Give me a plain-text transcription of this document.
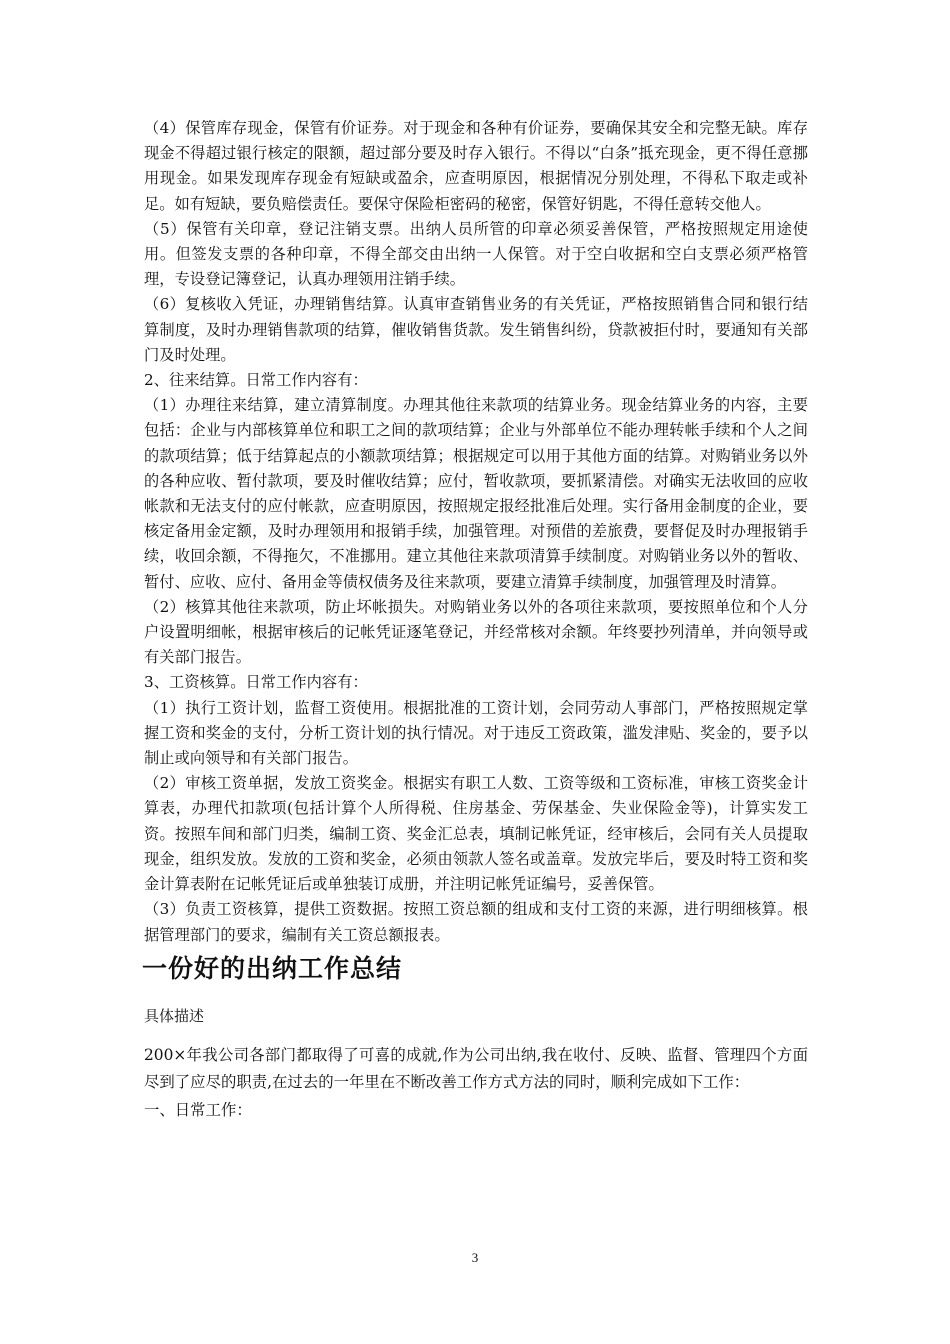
（4）保管库存现金，保管有价证券。对于现金和各种有价证券，要确保其安全和完整无缺。库存现金不得超过银行核定的限额，超过部分要及时存入银行。不得以“白条”抵充现金，更不得任意挪用现金。如果发现库存现金有短缺或盈余，应查明原因，根据情况分别处理，不得私下取走或补足。如有短缺，要负赔偿责任。要保守保险柜密码的秘密，保管好钥匙，不得任意转交他人。

（5）保管有关印章，登记注销支票。出纳人员所管的印章必须妥善保管，严格按照规定用途使用。但签发支票的各种印章，不得全部交由出纳一人保管。对于空白收据和空白支票必须严格管理，专设登记簿登记，认真办理领用注销手续。

（6）复核收入凭证，办理销售结算。认真审查销售业务的有关凭证，严格按照销售合同和银行结算制度，及时办理销售款项的结算，催收销售货款。发生销售纠纷，贷款被拒付时，要通知有关部门及时处理。

2、往来结算。日常工作内容有：

（1）办理往来结算，建立清算制度。办理其他往来款项的结算业务。现金结算业务的内容，主要包括：企业与内部核算单位和职工之间的款项结算；企业与外部单位不能办理转帐手续和个人之间的款项结算；低于结算起点的小额款项结算；根据规定可以用于其他方面的结算。对购销业务以外的各种应收、暂付款项，要及时催收结算；应付，暂收款项，要抓紧清偿。对确实无法收回的应收帐款和无法支付的应付帐款，应查明原因，按照规定报经批准后处理。实行备用金制度的企业，要核定备用金定额，及时办理领用和报销手续，加强管理。对预借的差旅费，要督促及时办理报销手续，收回余额，不得拖欠，不准挪用。建立其他往来款项清算手续制度。对购销业务以外的暂收、暂付、应收、应付、备用金等债权债务及往来款项，要建立清算手续制度，加强管理及时清算。

（2）核算其他往来款项，防止坏帐损失。对购销业务以外的各项往来款项，要按照单位和个人分户设置明细帐，根据审核后的记帐凭证逐笔登记，并经常核对余额。年终要抄列清单，并向领导或有关部门报告。

3、工资核算。日常工作内容有：

（1）执行工资计划，监督工资使用。根据批准的工资计划，会同劳动人事部门，严格按照规定掌握工资和奖金的支付，分析工资计划的执行情况。对于违反工资政策，滥发津贴、奖金的，要予以制止或向领导和有关部门报告。

（2）审核工资单据，发放工资奖金。根据实有职工人数、工资等级和工资标准，审核工资奖金计算表，办理代扣款项(包括计算个人所得税、住房基金、劳保基金、失业保险金等)，计算实发工资。按照车间和部门归类，编制工资、奖金汇总表，填制记帐凭证，经审核后，会同有关人员提取现金，组织发放。发放的工资和奖金，必须由领款人签名或盖章。发放完毕后，要及时特工资和奖金计算表附在记帐凭证后或单独装订成册，并注明记帐凭证编号，妥善保管。

（3）负责工资核算，提供工资数据。按照工资总额的组成和支付工资的来源，进行明细核算。根据管理部门的要求，编制有关工资总额报表。

一份好的出纳工作总结

具体描述

200×年我公司各部门都取得了可喜的成就,作为公司出纳,我在收付、反映、监督、管理四个方面尽到了应尽的职责,在过去的一年里在不断改善工作方式方法的同时，顺利完成如下工作：

一、日常工作：

3
